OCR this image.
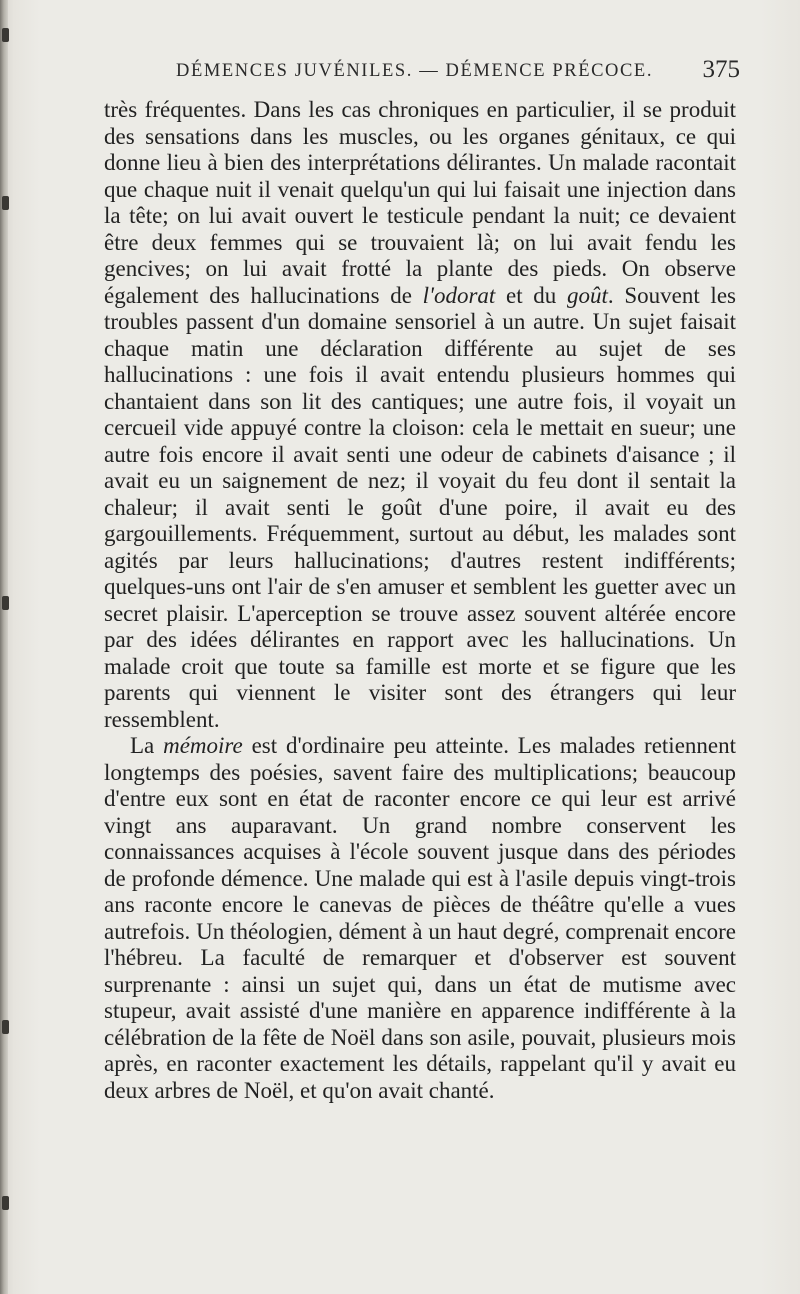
DÉMENCES JUVÉNILES. — DÉMENCE PRÉCOCE. 375

très fréquentes. Dans les cas chroniques en particulier, il se produit des sensations dans les muscles, ou les organes génitaux, ce qui donne lieu à bien des interprétations délirantes. Un malade racontait que chaque nuit il venait quelqu'un qui lui faisait une injection dans la tête; on lui avait ouvert le testicule pendant la nuit; ce devaient être deux femmes qui se trouvaient là; on lui avait fendu les gencives; on lui avait frotté la plante des pieds. On observe également des hallucinations de l'odorat et du goût. Souvent les troubles passent d'un domaine sensoriel à un autre. Un sujet faisait chaque matin une déclaration différente au sujet de ses hallucinations : une fois il avait entendu plusieurs hommes qui chantaient dans son lit des cantiques; une autre fois, il voyait un cercueil vide appuyé contre la cloison: cela le mettait en sueur; une autre fois encore il avait senti une odeur de cabinets d'aisance ; il avait eu un saignement de nez; il voyait du feu dont il sentait la chaleur; il avait senti le goût d'une poire, il avait eu des gargouillements. Fréquemment, surtout au début, les malades sont agités par leurs hallucinations; d'autres restent indifférents; quelques-uns ont l'air de s'en amuser et semblent les guetter avec un secret plaisir. L'aperception se trouve assez souvent altérée encore par des idées délirantes en rapport avec les hallucinations. Un malade croit que toute sa famille est morte et se figure que les parents qui viennent le visiter sont des étrangers qui leur ressemblent.

La mémoire est d'ordinaire peu atteinte. Les malades retiennent longtemps des poésies, savent faire des multiplications; beaucoup d'entre eux sont en état de raconter encore ce qui leur est arrivé vingt ans auparavant. Un grand nombre conservent les connaissances acquises à l'école souvent jusque dans des périodes de profonde démence. Une malade qui est à l'asile depuis vingt-trois ans raconte encore le canevas de pièces de théâtre qu'elle a vues autrefois. Un théologien, dément à un haut degré, comprenait encore l'hébreu. La faculté de remarquer et d'observer est souvent surprenante : ainsi un sujet qui, dans un état de mutisme avec stupeur, avait assisté d'une manière en apparence indifférente à la célébration de la fête de Noël dans son asile, pouvait, plusieurs mois après, en raconter exactement les détails, rappelant qu'il y avait eu deux arbres de Noël, et qu'on avait chanté.
